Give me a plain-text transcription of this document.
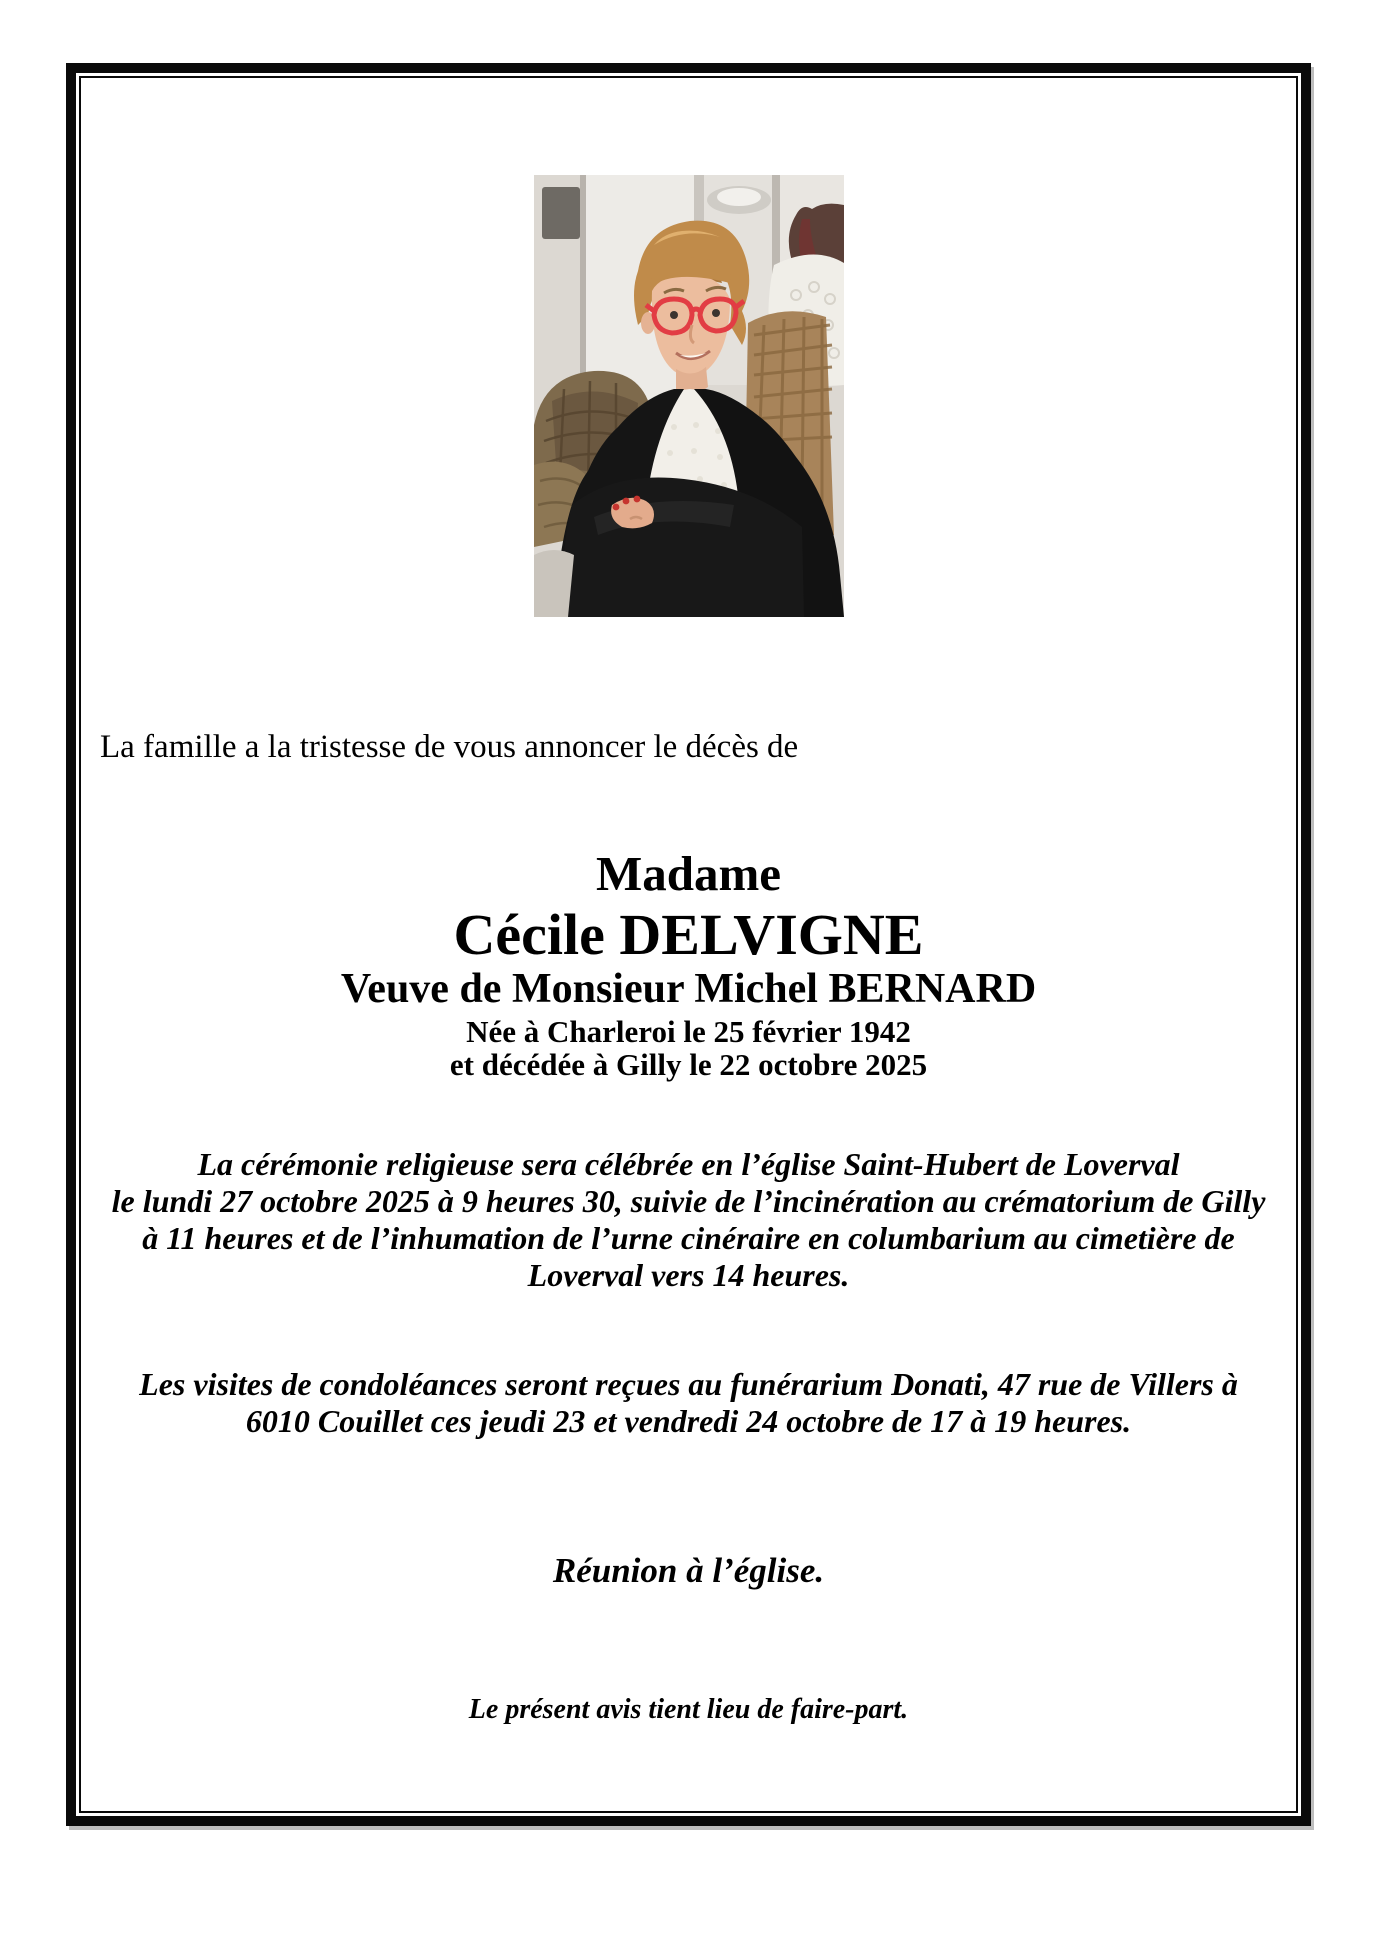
La famille a la tristesse de vous annoncer le décès de
Madame
Cécile DELVIGNE
Veuve de Monsieur Michel BERNARD
Née à Charleroi le 25 février 1942
et décédée à Gilly le 22 octobre 2025
La cérémonie religieuse sera célébrée en l’église Saint-Hubert de Loverval
le lundi 27 octobre 2025 à 9 heures 30, suivie de l’incinération au crématorium de Gilly
à 11 heures et de l’inhumation de l’urne cinéraire en columbarium au cimetière de
Loverval vers 14 heures.
Les visites de condoléances seront reçues au funérarium Donati, 47 rue de Villers à
6010 Couillet ces jeudi 23 et vendredi 24 octobre de 17 à 19 heures.
Réunion à l’église.
Le présent avis tient lieu de faire-part.
